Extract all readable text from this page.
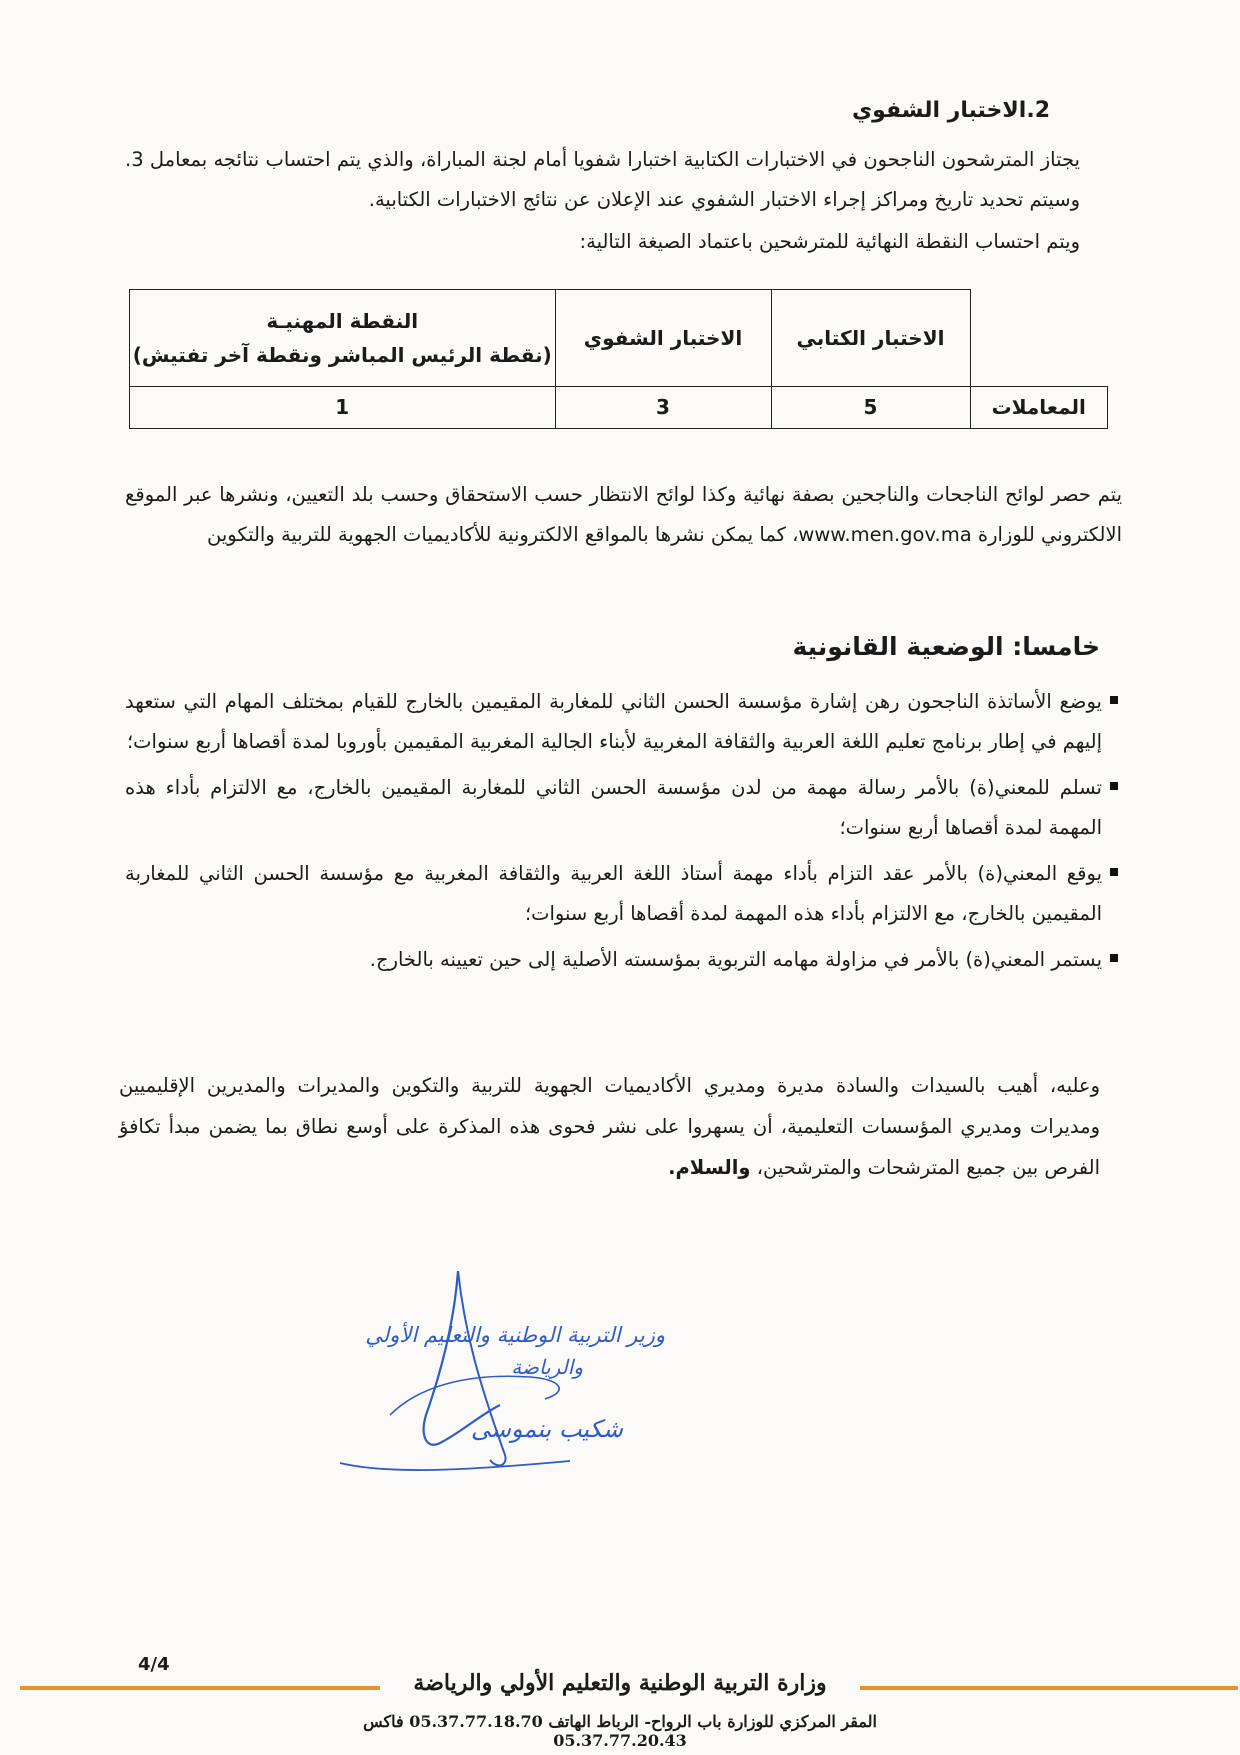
2.الاختبار الشفوي
يجتاز المترشحون الناجحون في الاختبارات الكتابية اختبارا شفويا أمام لجنة المباراة، والذي يتم احتساب نتائجه بمعامل 3. وسيتم تحديد تاريخ ومراكز إجراء الاختبار الشفوي عند الإعلان عن نتائج الاختبارات الكتابية.
ويتم احتساب النقطة النهائية للمترشحين باعتماد الصيغة التالية:
	الاختبار الكتابي	الاختبار الشفوي	النقطة المهنيـة
(نقطة الرئيس المباشر ونقطة آخر تفتيش)

المعاملات	5	3	1
يتم حصر لوائح الناجحات والناجحين بصفة نهائية وكذا لوائح الانتظار حسب الاستحقاق وحسب بلد التعيين، ونشرها عبر الموقع الالكتروني للوزارة www.men.gov.ma، كما يمكن نشرها بالمواقع الالكترونية للأكاديميات الجهوية للتربية والتكوين
خامسا: الوضعية القانونية
يوضع الأساتذة الناجحون رهن إشارة مؤسسة الحسن الثاني للمغاربة المقيمين بالخارج للقيام بمختلف المهام التي ستعهد إليهم في إطار برنامج تعليم اللغة العربية والثقافة المغربية لأبناء الجالية المغربية المقيمين بأوروبا لمدة أقصاها أربع سنوات؛
تسلم للمعني(ة) بالأمر رسالة مهمة من لدن مؤسسة الحسن الثاني للمغاربة المقيمين بالخارج، مع الالتزام بأداء هذه المهمة لمدة أقصاها أربع سنوات؛
يوقع المعني(ة) بالأمر عقد التزام بأداء مهمة أستاذ اللغة العربية والثقافة المغربية مع مؤسسة الحسن الثاني للمغاربة المقيمين بالخارج، مع الالتزام بأداء هذه المهمة لمدة أقصاها أربع سنوات؛
يستمر المعني(ة) بالأمر في مزاولة مهامه التربوية بمؤسسته الأصلية إلى حين تعيينه بالخارج.
وعليه، أهيب بالسيدات والسادة مديرة ومديري الأكاديميات الجهوية للتربية والتكوين والمديرات والمديرين الإقليميين ومديرات ومديري المؤسسات التعليمية، أن يسهروا على نشر فحوى هذه المذكرة على أوسع نطاق بما يضمن مبدأ تكافؤ الفرص بين جميع المترشحات والمترشحين، والسلام.
وزير التربية الوطنية والتعليم الأولي
والرياضة
شكيب بنموسى
4/4
وزارة التربية الوطنية والتعليم الأولي والرياضة
المقر المركزي للوزارة باب الرواح- الرباط الهاتف 05.37.77.18.70 فاكس 05.37.77.20.43
